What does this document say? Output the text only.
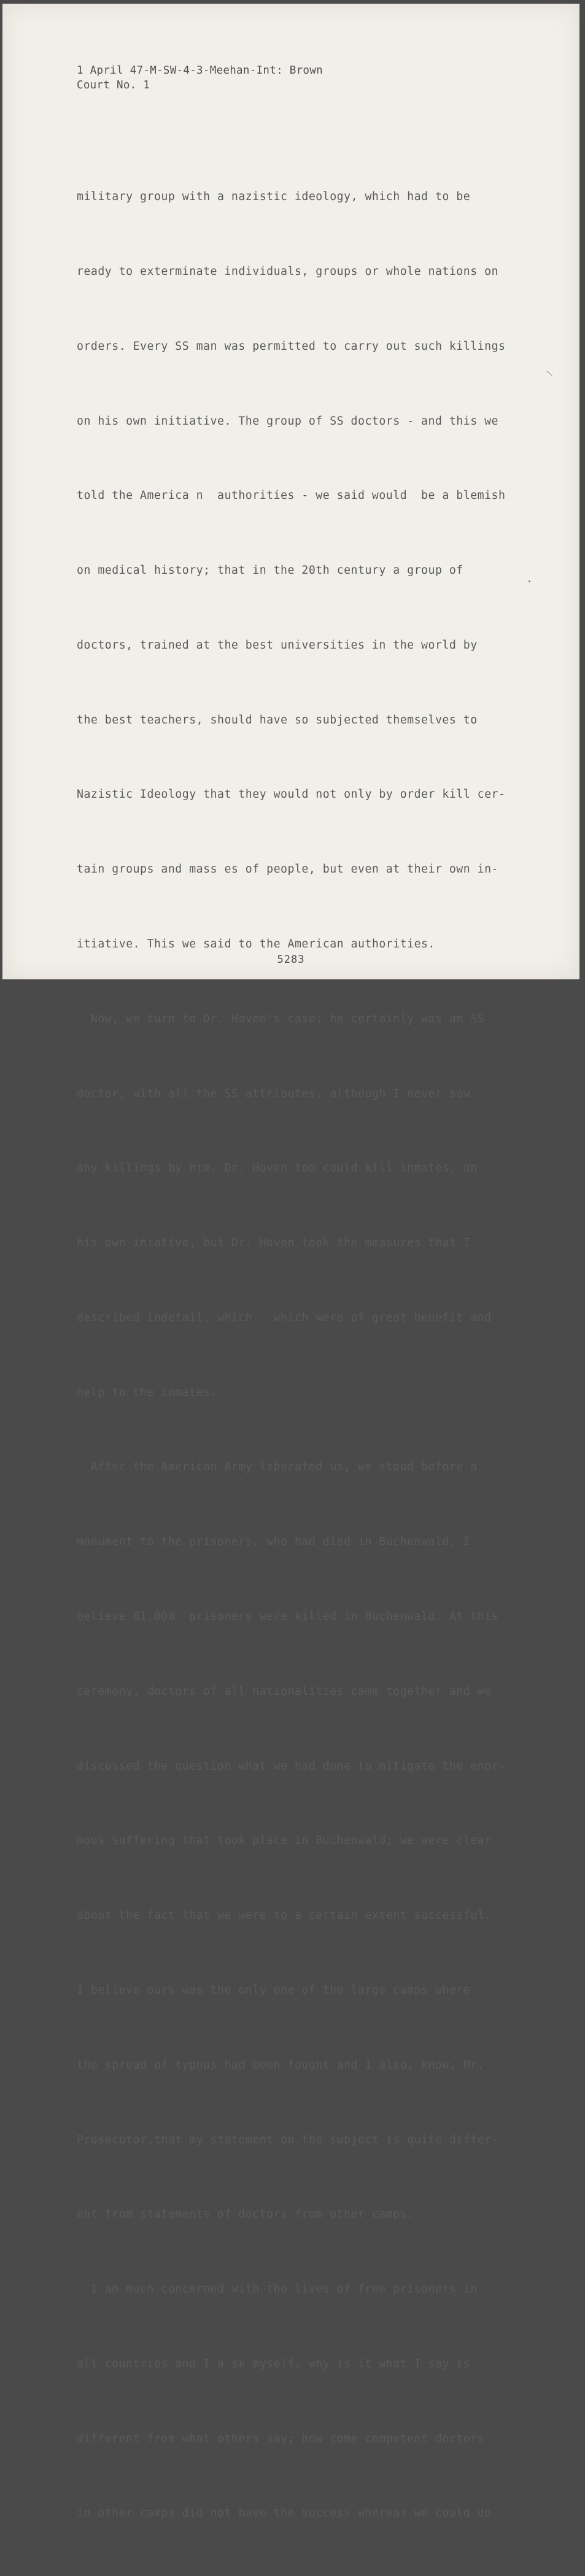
1 April 47-M-SW-4-3-Meehan-Int: Brown
Court No. 1

military group with a nazistic ideology, which had to be

ready to exterminate individuals, groups or whole nations on

orders. Every SS man was permitted to carry out such killings

on his own initiative. The group of SS doctors - and this we

told the America n  authorities - we said would  be a blemish

on medical history; that in the 20th century a group of

doctors, trained at the best universities in the world by

the best teachers, should have so subjected themselves to

Nazistic Ideology that they would not only by order kill cer-

tain groups and mass es of people, but even at their own in-

itiative. This we said to the American authorities.

Now, we turn to Dr. Hoven's case; he certainly was an SS

doctor, with all the SS attributes, although I never saw

any killings by him. Dr. Hoven too could kill inmates, on

his own iniative, but Dr. Hoven took the measures that I

described indetail, which   which were of great benefit and

help to the inmates.

After the American Army liberated us, we stood before a

monument to the prisoners, who had died in Buchenwald, I

believe 81,000  prisoners were killed in Buchenwald. At this

ceremony, doctors of all nationalities came together and we

discussed the question what we had done to mitigate the enor-

mous suffering that took place in Buchenwald; we were clear

about the fact that we were to a certain extent successful.

I believe ours was the only one of the large camps where

the spread of typhus had been fought and I also, know, Mr.

Prosecutor,that my statement on the subject is quite differ-

ent from statements of doctors from other camps.

I am much concerned with the lives of free prisoners in

all countries and I a sk myself, why is it what I say is

different from what others say; how come competent doctors

in other camps did not have the success whereas we could do

5283
